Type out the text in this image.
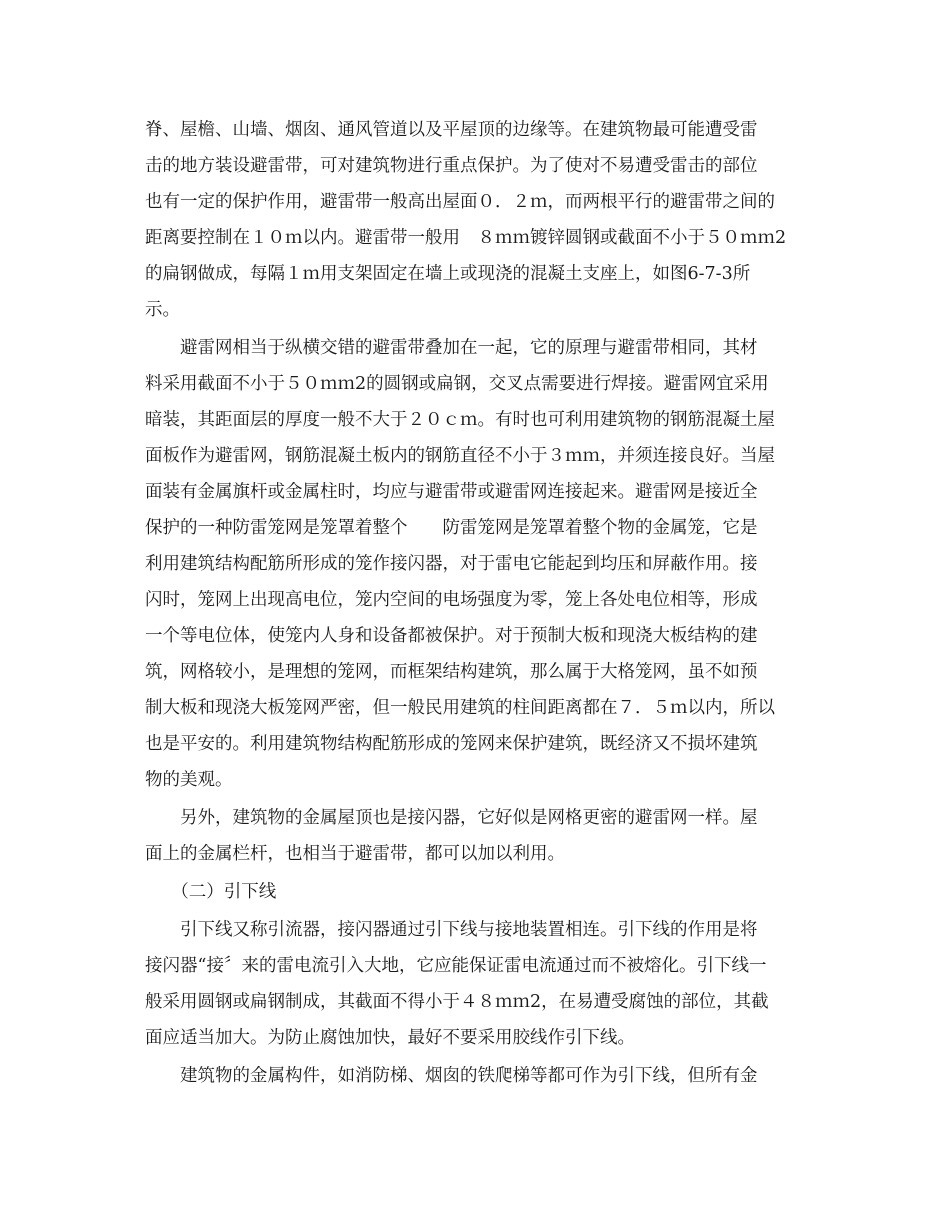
脊、屋檐、山墙、烟囱、通风管道以及平屋顶的边缘等。在建筑物最可能遭受雷

击的地方装设避雷带，可对建筑物进行重点保护。为了使对不易遭受雷击的部位

也有一定的保护作用，避雷带一般高出屋面０．２ｍ，而两根平行的避雷带之间的

距离要控制在１０ｍ以内。避雷带一般用　８ｍｍ镀锌圆钢或截面不小于５０ｍｍ2

的扁钢做成，每隔１ｍ用支架固定在墙上或现浇的混凝土支座上，如图6-7-3所

示。

　　避雷网相当于纵横交错的避雷带叠加在一起，它的原理与避雷带相同，其材

料采用截面不小于５０ｍｍ2的圆钢或扁钢，交叉点需要进行焊接。避雷网宜采用

暗装，其距面层的厚度一般不大于２０ｃｍ。有时也可利用建筑物的钢筋混凝土屋

面板作为避雷网，钢筋混凝土板内的钢筋直径不小于３ｍｍ，并须连接良好。当屋

面装有金属旗杆或金属柱时，均应与避雷带或避雷网连接起来。避雷网是接近全

保护的一种防雷笼网是笼罩着整个　　防雷笼网是笼罩着整个物的金属笼，它是

利用建筑结构配筋所形成的笼作接闪器，对于雷电它能起到均压和屏蔽作用。接

闪时，笼网上出现高电位，笼内空间的电场强度为零，笼上各处电位相等，形成

一个等电位体，使笼内人身和设备都被保护。对于预制大板和现浇大板结构的建

筑，网格较小，是理想的笼网，而框架结构建筑，那么属于大格笼网，虽不如预

制大板和现浇大板笼网严密，但一般民用建筑的柱间距离都在７．５ｍ以内，所以

也是平安的。利用建筑物结构配筋形成的笼网来保护建筑，既经济又不损坏建筑

物的美观。

　　另外，建筑物的金属屋顶也是接闪器，它好似是网格更密的避雷网一样。屋

面上的金属栏杆，也相当于避雷带，都可以加以利用。

　　（二）引下线

　　引下线又称引流器，接闪器通过引下线与接地装置相连。引下线的作用是将

接闪器“接〞来的雷电流引入大地，它应能保证雷电流通过而不被熔化。引下线一

般采用圆钢或扁钢制成，其截面不得小于４８ｍｍ2，在易遭受腐蚀的部位，其截

面应适当加大。为防止腐蚀加快，最好不要采用胶线作引下线。

　　建筑物的金属构件，如消防梯、烟囱的铁爬梯等都可作为引下线，但所有金
